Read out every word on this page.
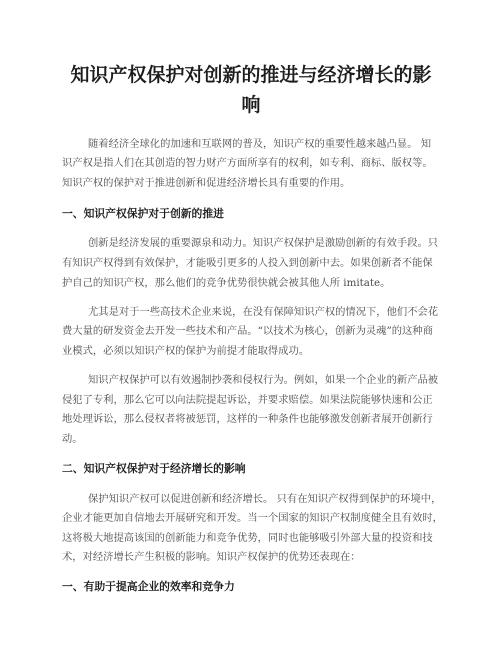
知识产权保护对创新的推进与经济增长的影
响
随着经济全球化的加速和互联网的普及，知识产权的重要性越来越凸显。 知
识产权是指人们在其创造的智力财产方面所享有的权利，如专利、商标、版权等。
知识产权的保护对于推进创新和促进经济增长具有重要的作用。
一、知识产权保护对于创新的推进
创新是经济发展的重要源泉和动力。知识产权保护是激励创新的有效手段。只
有知识产权得到有效保护，才能吸引更多的人投入到创新中去。如果创新者不能保
护自己的知识产权，那么他们的竞争优势很快就会被其他人所 imitate。
尤其是对于一些高技术企业来说，在没有保障知识产权的情况下，他们不会花
费大量的研发资金去开发一些技术和产品。“以技术为核心，创新为灵魂”的这种商
业模式，必须以知识产权的保护为前提才能取得成功。
知识产权保护可以有效遏制抄袭和侵权行为。例如，如果一个企业的新产品被
侵犯了专利，那么它可以向法院提起诉讼，并要求赔偿。如果法院能够快速和公正
地处理诉讼，那么侵权者将被惩罚，这样的一种条件也能够激发创新者展开创新行
动。
二、知识产权保护对于经济增长的影响
保护知识产权可以促进创新和经济增长。 只有在知识产权得到保护的环境中，
企业才能更加自信地去开展研究和开发。当一个国家的知识产权制度健全且有效时，
这将极大地提高该国的创新能力和竞争优势，同时也能够吸引外部大量的投资和技
术，对经济增长产生积极的影响。知识产权保护的优势还表现在：
一、有助于提高企业的效率和竞争力
